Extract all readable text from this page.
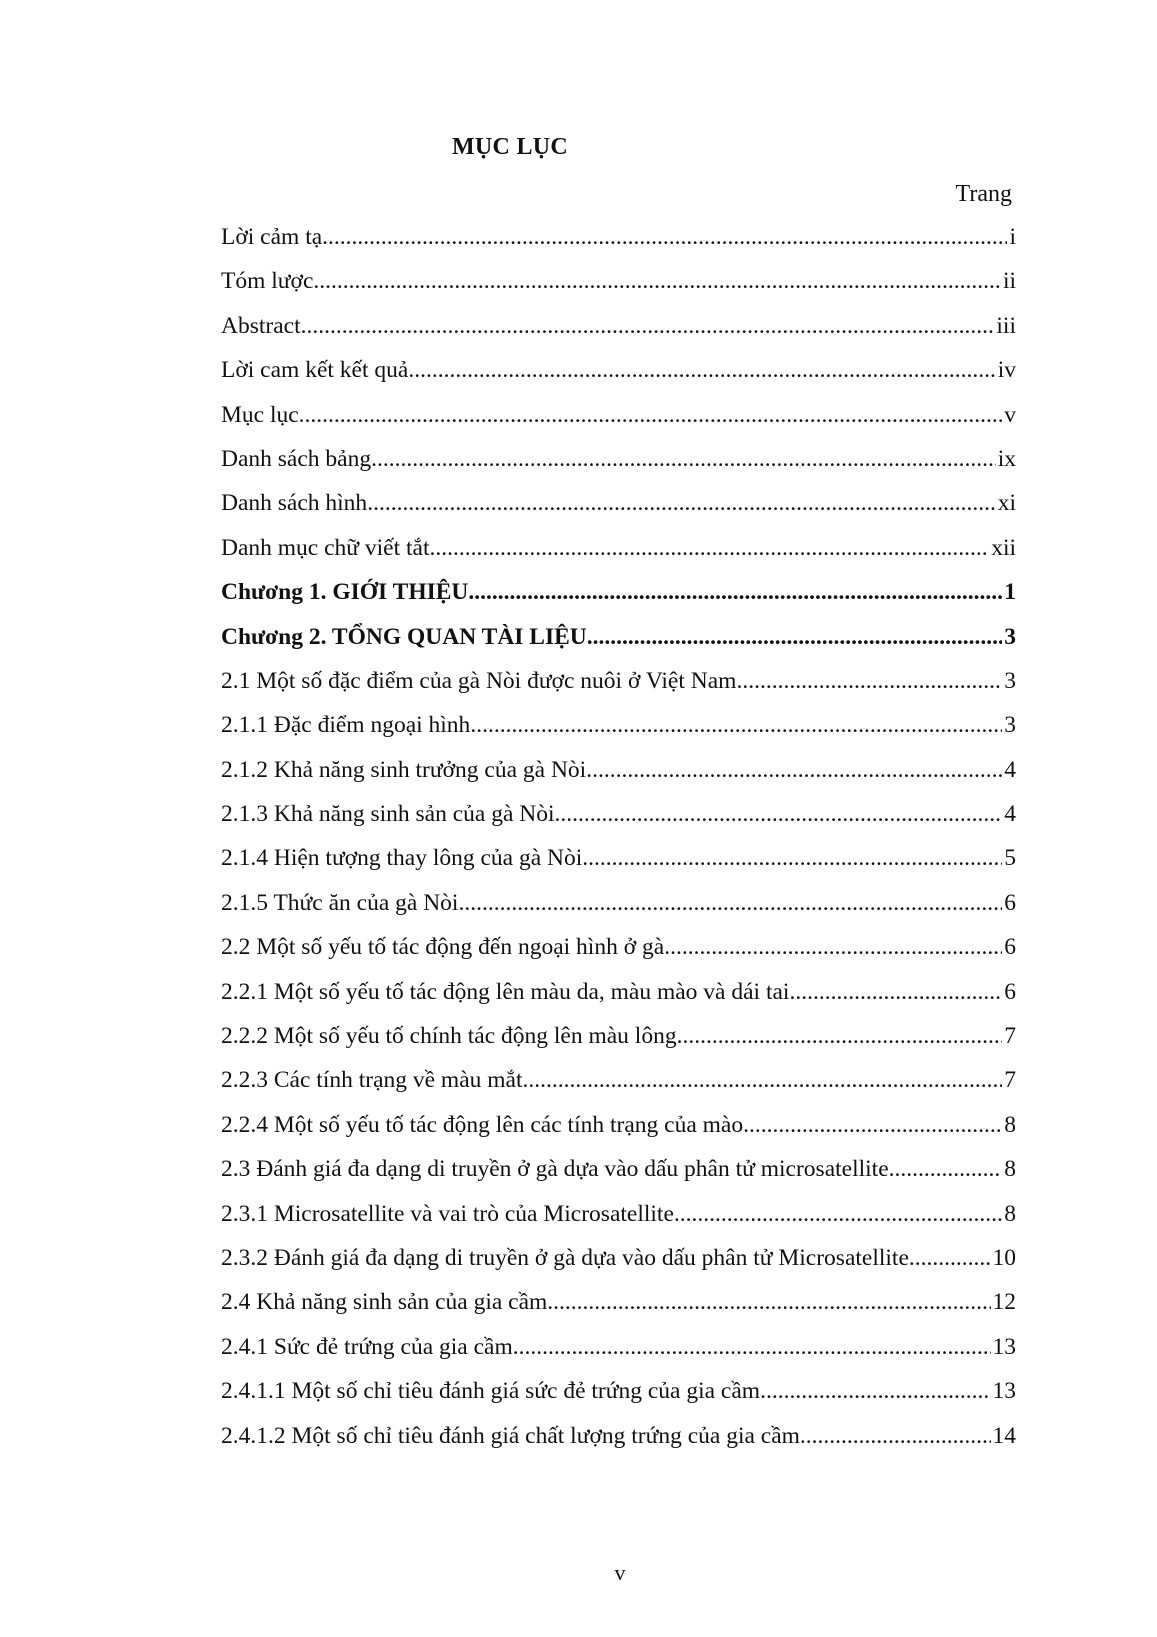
MỤC LỤC
Trang
Lời cảm tạ .....	i
Tóm lược .....	ii
Abstract .....	iii
Lời cam kết kết quả .....	iv
Mục lục .....	v
Danh sách bảng .....	ix
Danh sách hình .....	xi
Danh mục chữ viết tắt .....	xii
Chương 1. GIỚI THIỆU .....	1
Chương 2. TỔNG QUAN TÀI LIỆU .....	3
2.1 Một số đặc điểm của gà Nòi được nuôi ở Việt Nam .....	3
2.1.1 Đặc điểm ngoại hình .....	3
2.1.2 Khả năng sinh trưởng của gà Nòi .....	4
2.1.3 Khả năng sinh sản của gà Nòi .....	4
2.1.4 Hiện tượng thay lông của gà Nòi .....	5
2.1.5 Thức ăn của gà Nòi .....	6
2.2 Một số yếu tố tác động đến ngoại hình ở gà .....	6
2.2.1 Một số yếu tố tác động lên màu da, màu mào và dái tai .....	6
2.2.2 Một số yếu tố chính tác động lên màu lông .....	7
2.2.3 Các tính trạng về màu mắt .....	7
2.2.4 Một số yếu tố tác động lên các tính trạng của mào .....	8
2.3 Đánh giá đa dạng di truyền ở gà dựa vào dấu phân tử microsatellite .....	8
2.3.1 Microsatellite và vai trò của Microsatellite .....	8
2.3.2 Đánh giá đa dạng di truyền ở gà dựa vào dấu phân tử Microsatellite .....	10
2.4 Khả năng sinh sản của gia cầm .....	12
2.4.1 Sức đẻ trứng của gia cầm .....	13
2.4.1.1 Một số chỉ tiêu đánh giá sức đẻ trứng của gia cầm .....	13
2.4.1.2 Một số chỉ tiêu đánh giá chất lượng trứng của gia cầm .....	14
v
